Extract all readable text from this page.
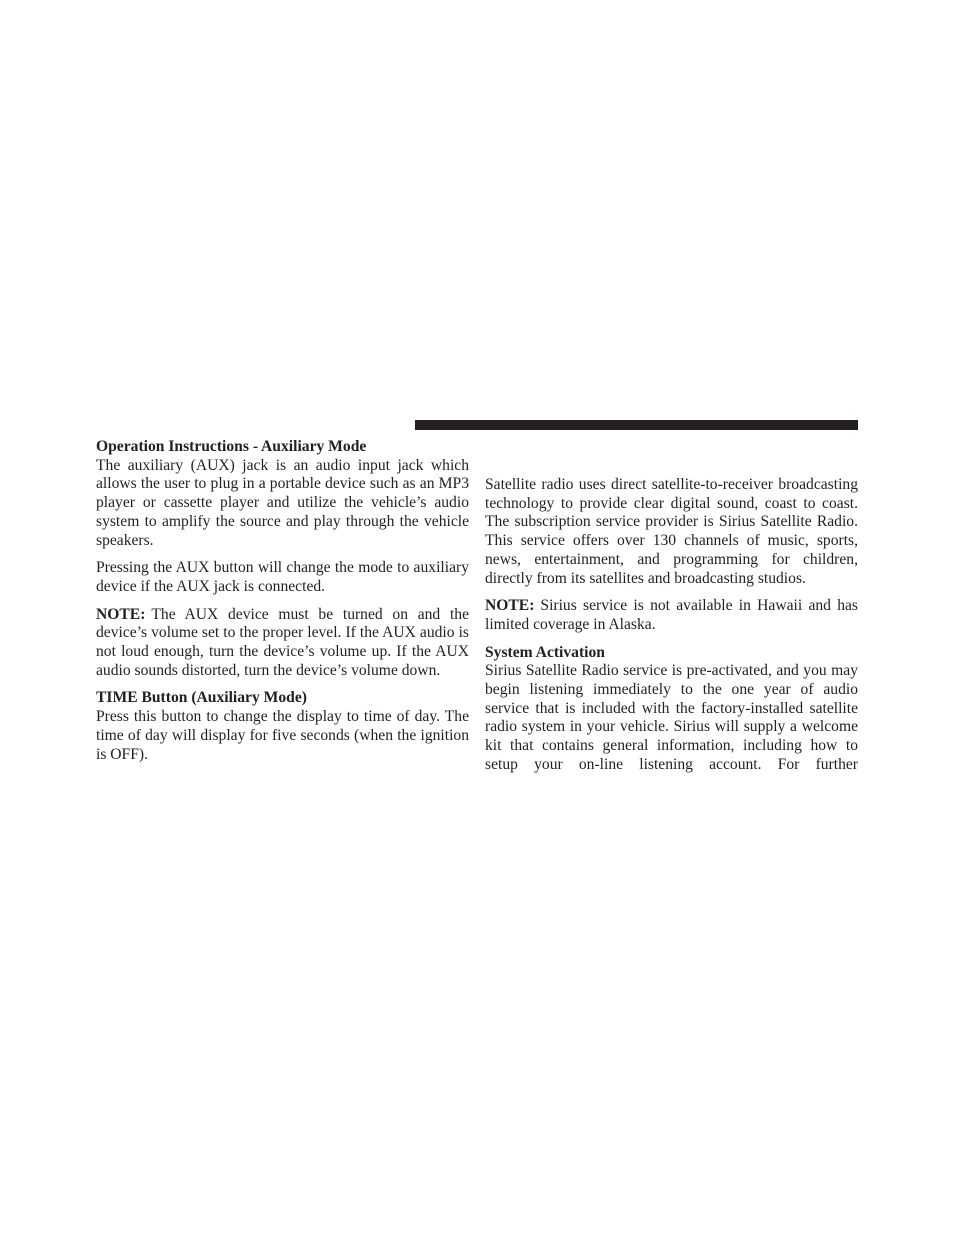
Operation Instructions - Auxiliary Mode

The auxiliary (AUX) jack is an audio input jack which allows the user to plug in a portable device such as an MP3 player or cassette player and utilize the vehicle’s audio system to amplify the source and play through the vehicle speakers.

Pressing the AUX button will change the mode to auxiliary device if the AUX jack is connected.

NOTE: The AUX device must be turned on and the device’s volume set to the proper level. If the AUX audio is not loud enough, turn the device’s volume up. If the AUX audio sounds distorted, turn the device’s volume down.

TIME Button (Auxiliary Mode)

Press this button to change the display to time of day. The time of day will display for five seconds (when the ignition is OFF).

Satellite radio uses direct satellite-to-receiver broadcasting technology to provide clear digital sound, coast to coast. The subscription service provider is Sirius Satellite Radio. This service offers over 130 channels of music, sports, news, entertainment, and programming for children, directly from its satellites and broadcasting studios.

NOTE: Sirius service is not available in Hawaii and has limited coverage in Alaska.

System Activation

Sirius Satellite Radio service is pre-activated, and you may begin listening immediately to the one year of audio service that is included with the factory-installed satellite radio system in your vehicle. Sirius will supply a welcome kit that contains general information, including how to setup your on-line listening account. For further
